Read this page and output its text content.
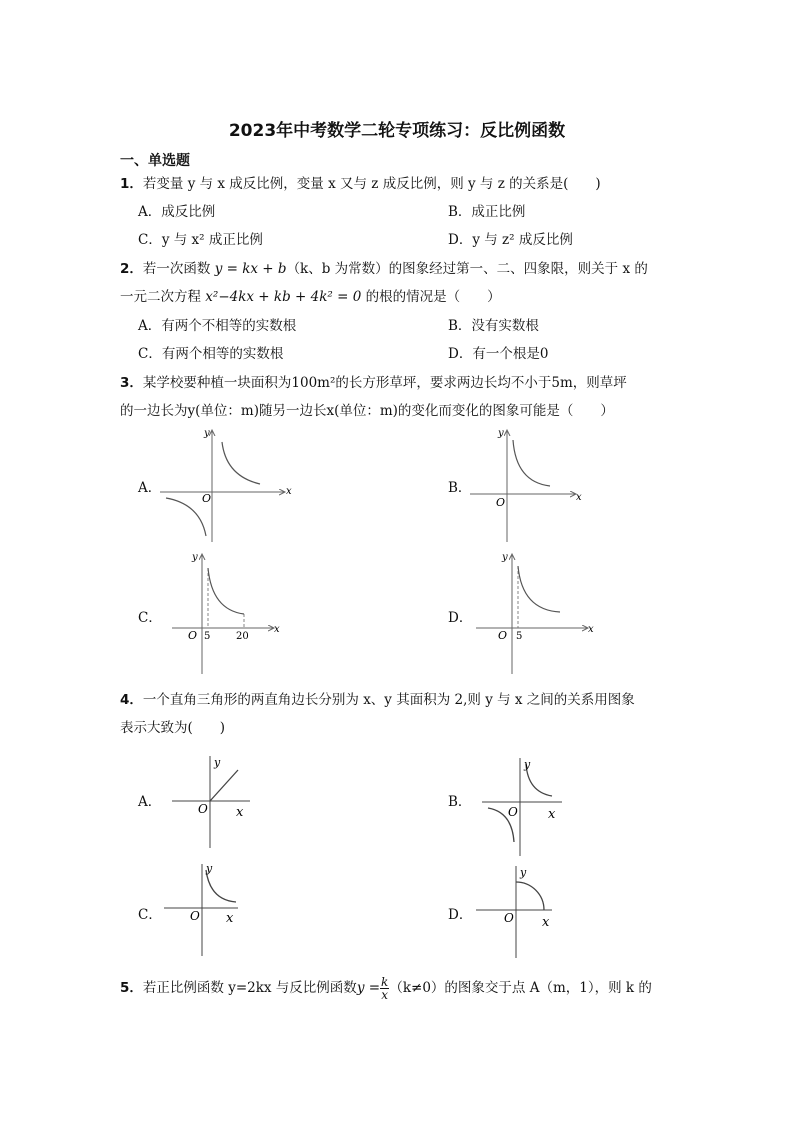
2023年中考数学二轮专项练习：反比例函数
一、单选题
1．若变量 y 与 x 成反比例，变量 x 又与 z 成反比例，则 y 与 z 的关系是(　　)
A．成反比例	B．成正比例
C．y 与 x² 成正比例	D．y 与 z² 成反比例
2．若一次函数 y = kx + b（k、b 为常数）的图象经过第一、二、四象限，则关于 x 的
一元二次方程 x²−4kx + kb + 4k² = 0 的根的情况是（　　）
A．有两个不相等的实数根	B．没有实数根
C．有两个相等的实数根	D．有一个根是0
3．某学校要种植一块面积为100m²的长方形草坪，要求两边长均不小于5m，则草坪
的一边长为y(单位：m)随另一边长x(单位：m)的变化而变化的图象可能是（　　）
A．	B．
C．	D．
O
x
y
O	x
y
O 5	20
x
y
O 5
x
y
4．一个直角三角形的两直角边长分别为 x、y 其面积为 2,则 y 与 x 之间的关系用图象
表示大致为(　　)
A．	B．
C．	D．
O x
y
O x
y
O x
y
O x
y
5．若正比例函数 y=2kx 与反比例函数$y = \frac{k}{x} (k\ne 0)$的图象交于点 A（m，1），则 k 的
